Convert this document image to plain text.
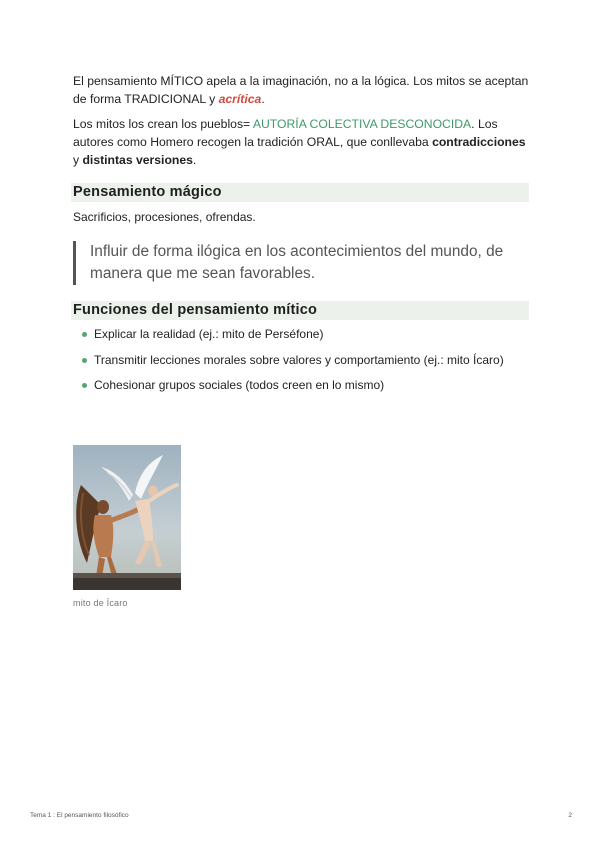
El pensamiento MÍTICO apela a la imaginación, no a la lógica. Los mitos se aceptan de forma TRADICIONAL y acrítica.
Los mitos los crean los pueblos= AUTORÍA COLECTIVA DESCONOCIDA. Los autores como Homero recogen la tradición ORAL, que conllevaba contradicciones y distintas versiones.
Pensamiento mágico
Sacrificios, procesiones, ofrendas.
Influir de forma ilógica en los acontecimientos del mundo, de manera que me sean favorables.
Funciones del pensamiento mítico
Explicar la realidad (ej.: mito de Perséfone)
Transmitir lecciones morales sobre valores y comportamiento (ej.: mito Ícaro)
Cohesionar grupos sociales (todos creen en lo mismo)
mito de Ícaro
Tema 1 : El pensamiento filosófico	2
